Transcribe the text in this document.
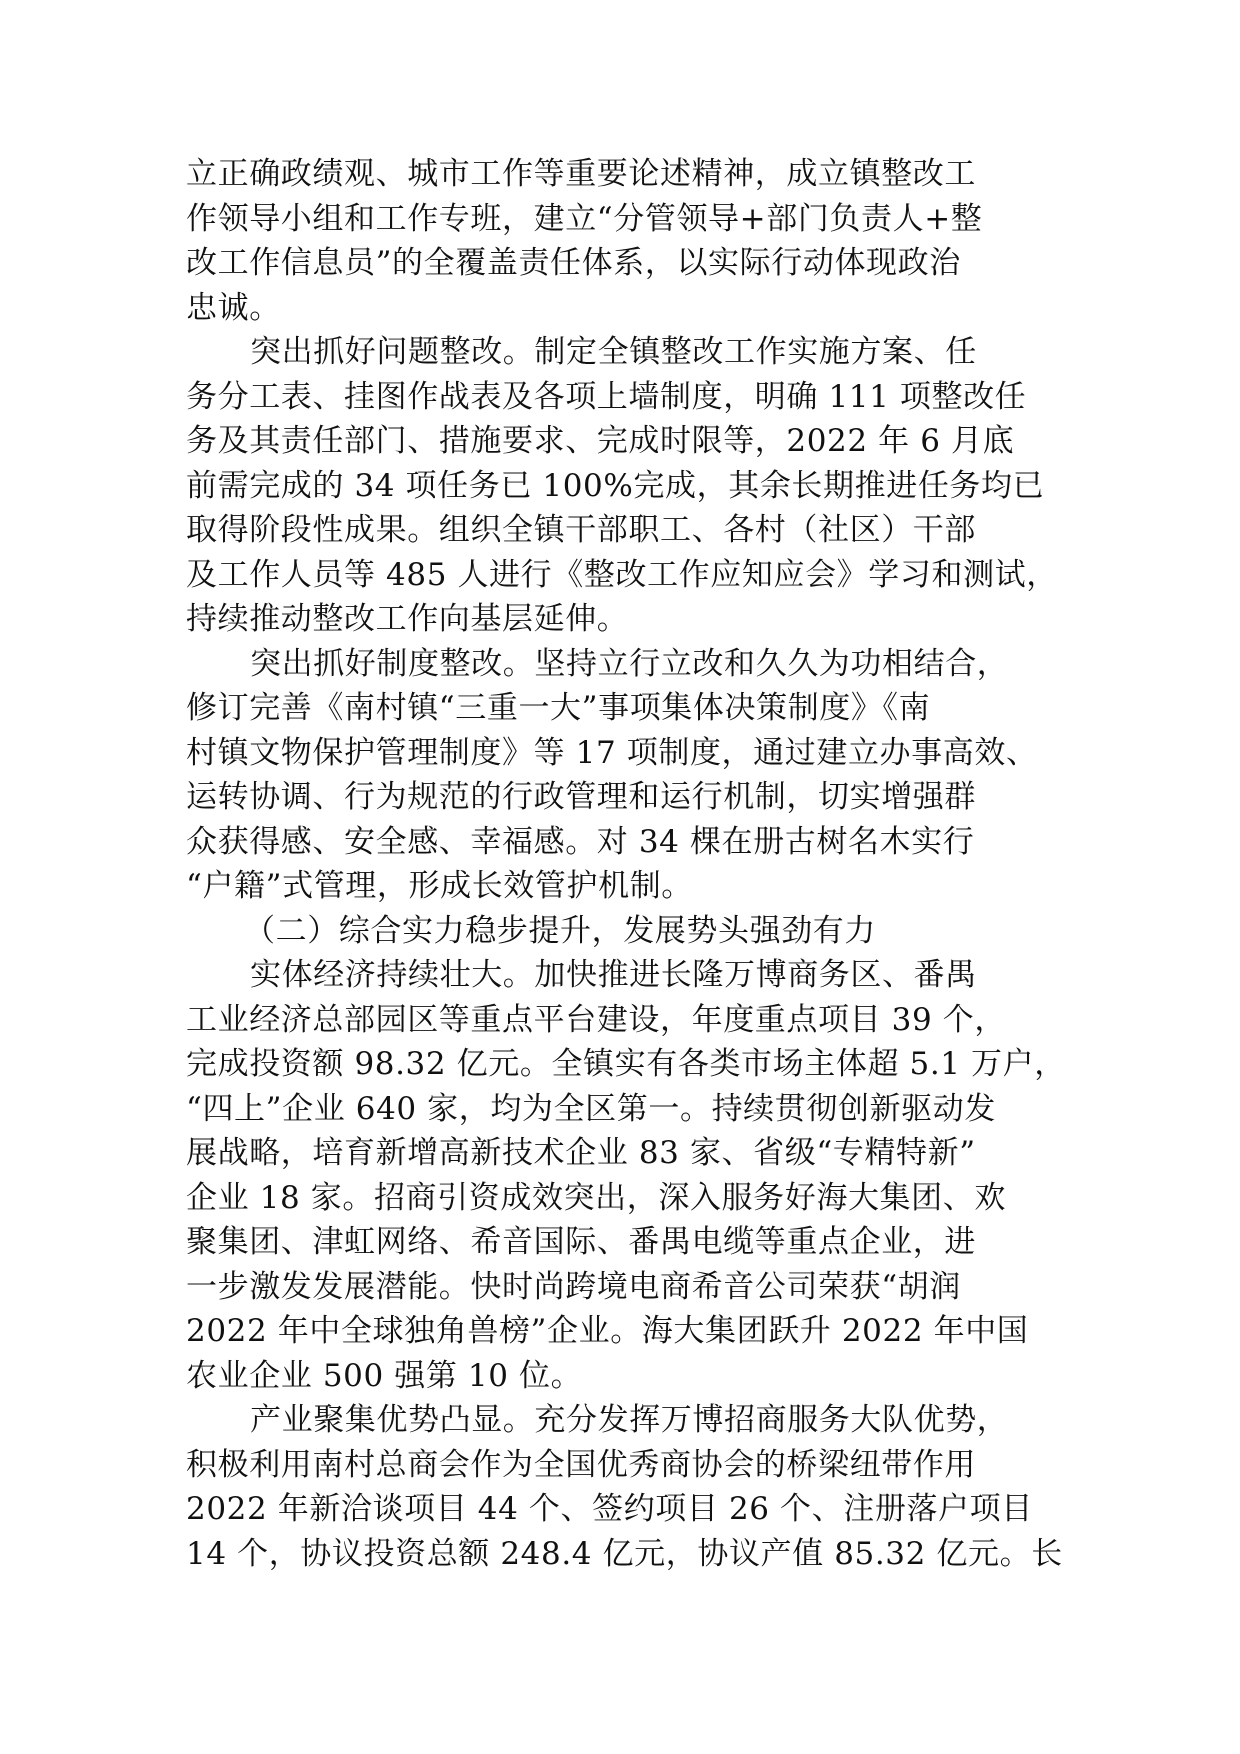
立正确政绩观、城市工作等重要论述精神，成立镇整改工
作领导小组和工作专班，建立“分管领导+部门负责人+整
改工作信息员”的全覆盖责任体系，以实际行动体现政治
忠诚。
突出抓好问题整改。制定全镇整改工作实施方案、任
务分工表、挂图作战表及各项上墙制度，明确 111 项整改任
务及其责任部门、措施要求、完成时限等，2022 年 6 月底
前需完成的 34 项任务已 100%完成，其余长期推进任务均已
取得阶段性成果。组织全镇干部职工、各村（社区）干部
及工作人员等 485 人进行《整改工作应知应会》学习和测试，
持续推动整改工作向基层延伸。
突出抓好制度整改。坚持立行立改和久久为功相结合，
修订完善《南村镇“三重一大”事项集体决策制度》《南
村镇文物保护管理制度》等 17 项制度，通过建立办事高效、
运转协调、行为规范的行政管理和运行机制，切实增强群
众获得感、安全感、幸福感。对 34 棵在册古树名木实行
“户籍”式管理，形成长效管护机制。
（二）综合实力稳步提升，发展势头强劲有力
实体经济持续壮大。加快推进长隆万博商务区、番禺
工业经济总部园区等重点平台建设，年度重点项目 39 个，
完成投资额 98.32 亿元。全镇实有各类市场主体超 5.1 万户，
“四上”企业 640 家，均为全区第一。持续贯彻创新驱动发
展战略，培育新增高新技术企业 83 家、省级“专精特新”
企业 18 家。招商引资成效突出，深入服务好海大集团、欢
聚集团、津虹网络、希音国际、番禺电缆等重点企业，进
一步激发发展潜能。快时尚跨境电商希音公司荣获“胡润
2022 年中全球独角兽榜”企业。海大集团跃升 2022 年中国
农业企业 500 强第 10 位。
产业聚集优势凸显。充分发挥万博招商服务大队优势，
积极利用南村总商会作为全国优秀商协会的桥梁纽带作用
2022 年新洽谈项目 44 个、签约项目 26 个、注册落户项目
14 个，协议投资总额 248.4 亿元，协议产值 85.32 亿元。长
